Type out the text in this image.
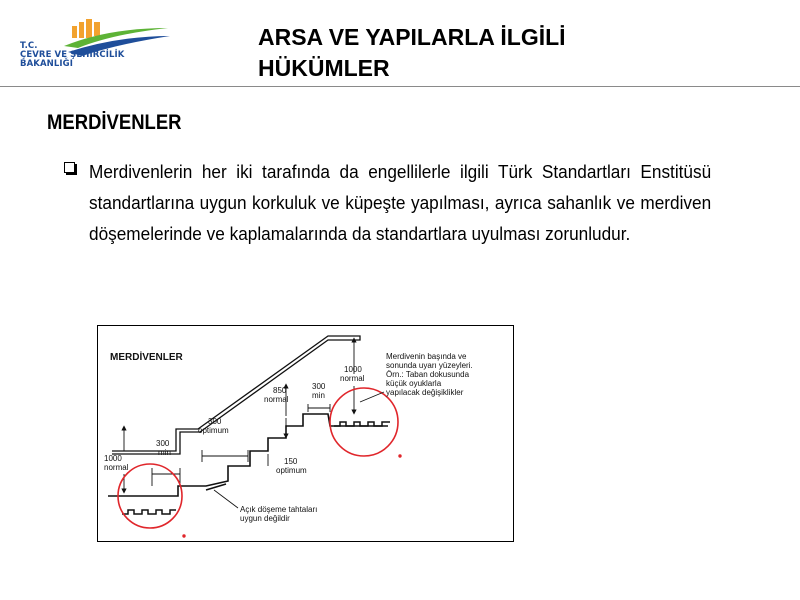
T.C.
ÇEVRE VE ŞEHİRCİLİK
BAKANLIĞI
ARSA VE YAPILARLA İLGİLİ
HÜKÜMLER
MERDİVENLER
Merdivenlerin her iki tarafında da engellilerle ilgili Türk Standartları Enstitüsü standartlarına uygun korkuluk ve küpeşte yapılması, ayrıca sahanlık ve merdiven döşemelerinde ve kaplamalarında da standartlara uyulması zorunludur.
MERDİVENLER
1000
normal
300
min
300
optimum
850
normal
300
min
1000
normal
150
optimum
Merdivenin başında ve
sonunda uyarı yüzeyleri.
Örn.: Taban dokusunda
küçük oyuklarla
yapılacak değişiklikler
Açık döşeme tahtaları
uygun değildir
